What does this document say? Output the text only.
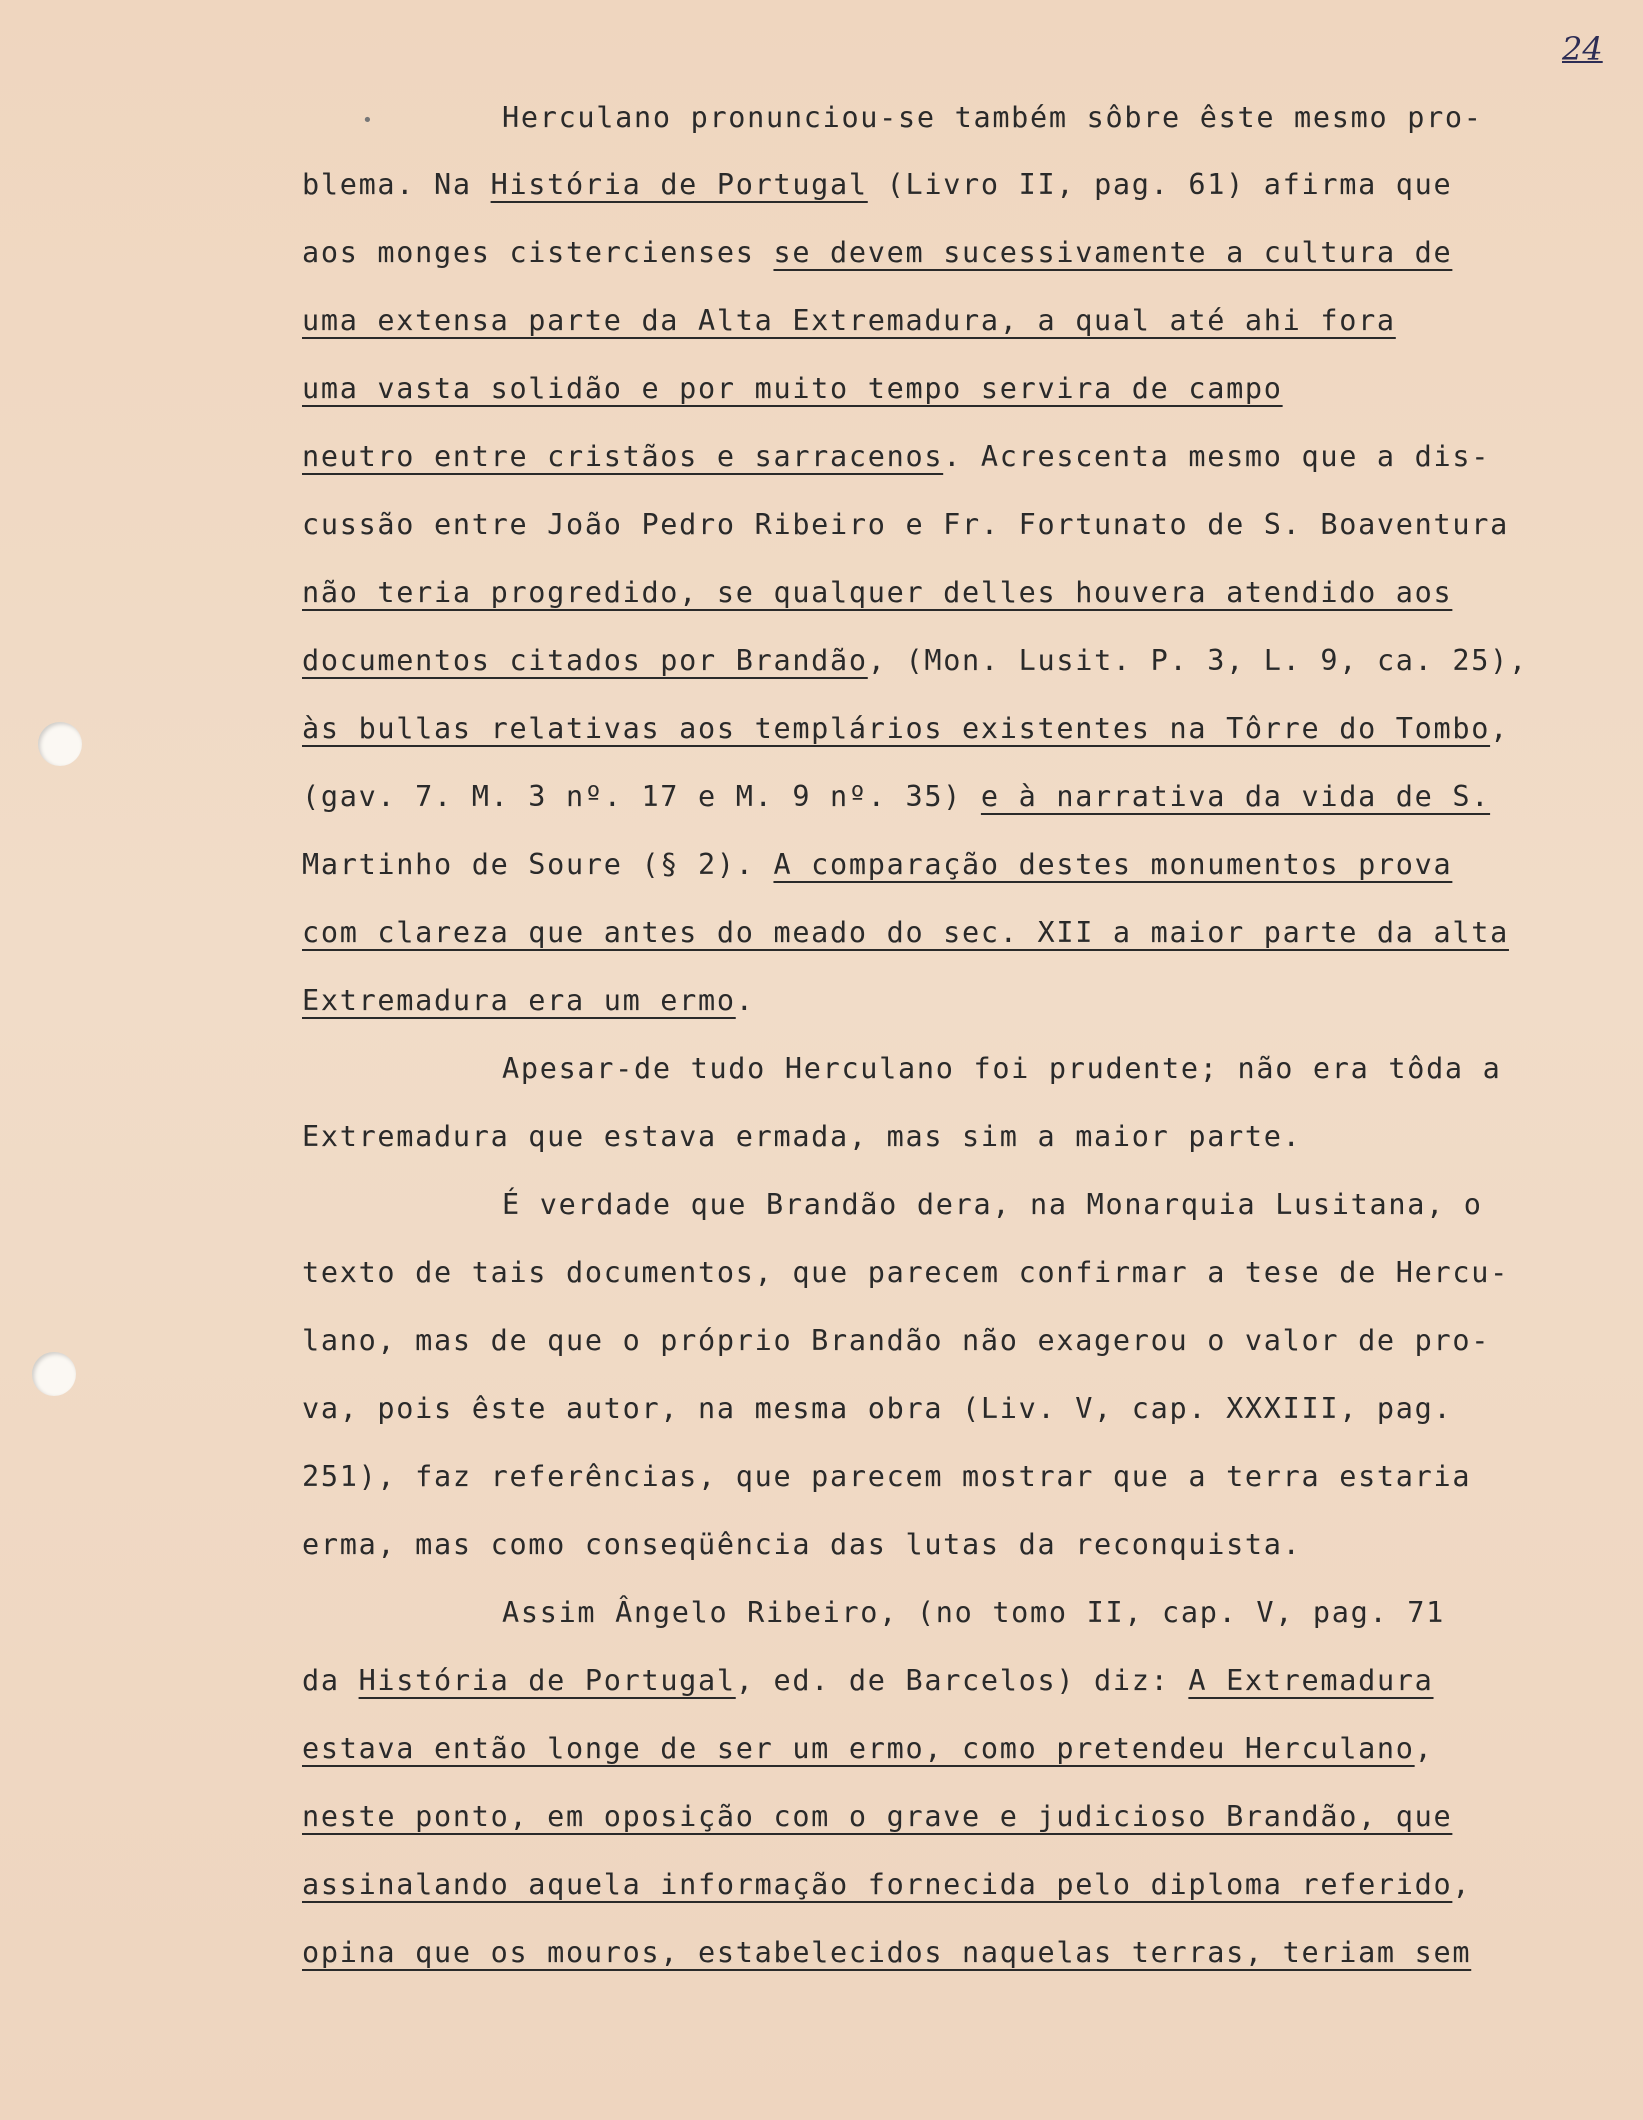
24
•	Herculano pronunciou-se também sôbre êste mesmo pro-

blema. Na História de Portugal (Livro II, pag. 61) afirma que

aos monges cistercienses se devem sucessivamente a cultura de

uma extensa parte da Alta Extremadura, a qual até ahi fora

uma vasta solidão e por muito tempo servira de campo

neutro entre cristãos e sarracenos. Acrescenta mesmo que a dis-

cussão entre João Pedro Ribeiro e Fr. Fortunato de S. Boaventura

não teria progredido, se qualquer delles houvera atendido aos

documentos citados por Brandão, (Mon. Lusit. P. 3, L. 9, ca. 25),

às bullas relativas aos templários existentes na Tôrre do Tombo,

(gav. 7. M. 3 nº. 17 e M. 9 nº. 35) e à narrativa da vida de S.

Martinho de Soure (§ 2). A comparação destes monumentos prova

com clareza que antes do meado do sec. XII a maior parte da alta

Extremadura era um ermo.

Apesar-de tudo Herculano foi prudente; não era tôda a

Extremadura que estava ermada, mas sim a maior parte.

É verdade que Brandão dera, na Monarquia Lusitana, o

texto de tais documentos, que parecem confirmar a tese de Hercu-

lano, mas de que o próprio Brandão não exagerou o valor de pro-

va, pois êste autor, na mesma obra (Liv. V, cap. XXXIII, pag.

251), faz referências, que parecem mostrar que a terra estaria

erma, mas como conseqüência das lutas da reconquista.

Assim Ângelo Ribeiro, (no tomo II, cap. V, pag. 71

da História de Portugal, ed. de Barcelos) diz: A Extremadura

estava então longe de ser um ermo, como pretendeu Herculano,

neste ponto, em oposição com o grave e judicioso Brandão, que

assinalando aquela informação fornecida pelo diploma referido,

opina que os mouros, estabelecidos naquelas terras, teriam sem
